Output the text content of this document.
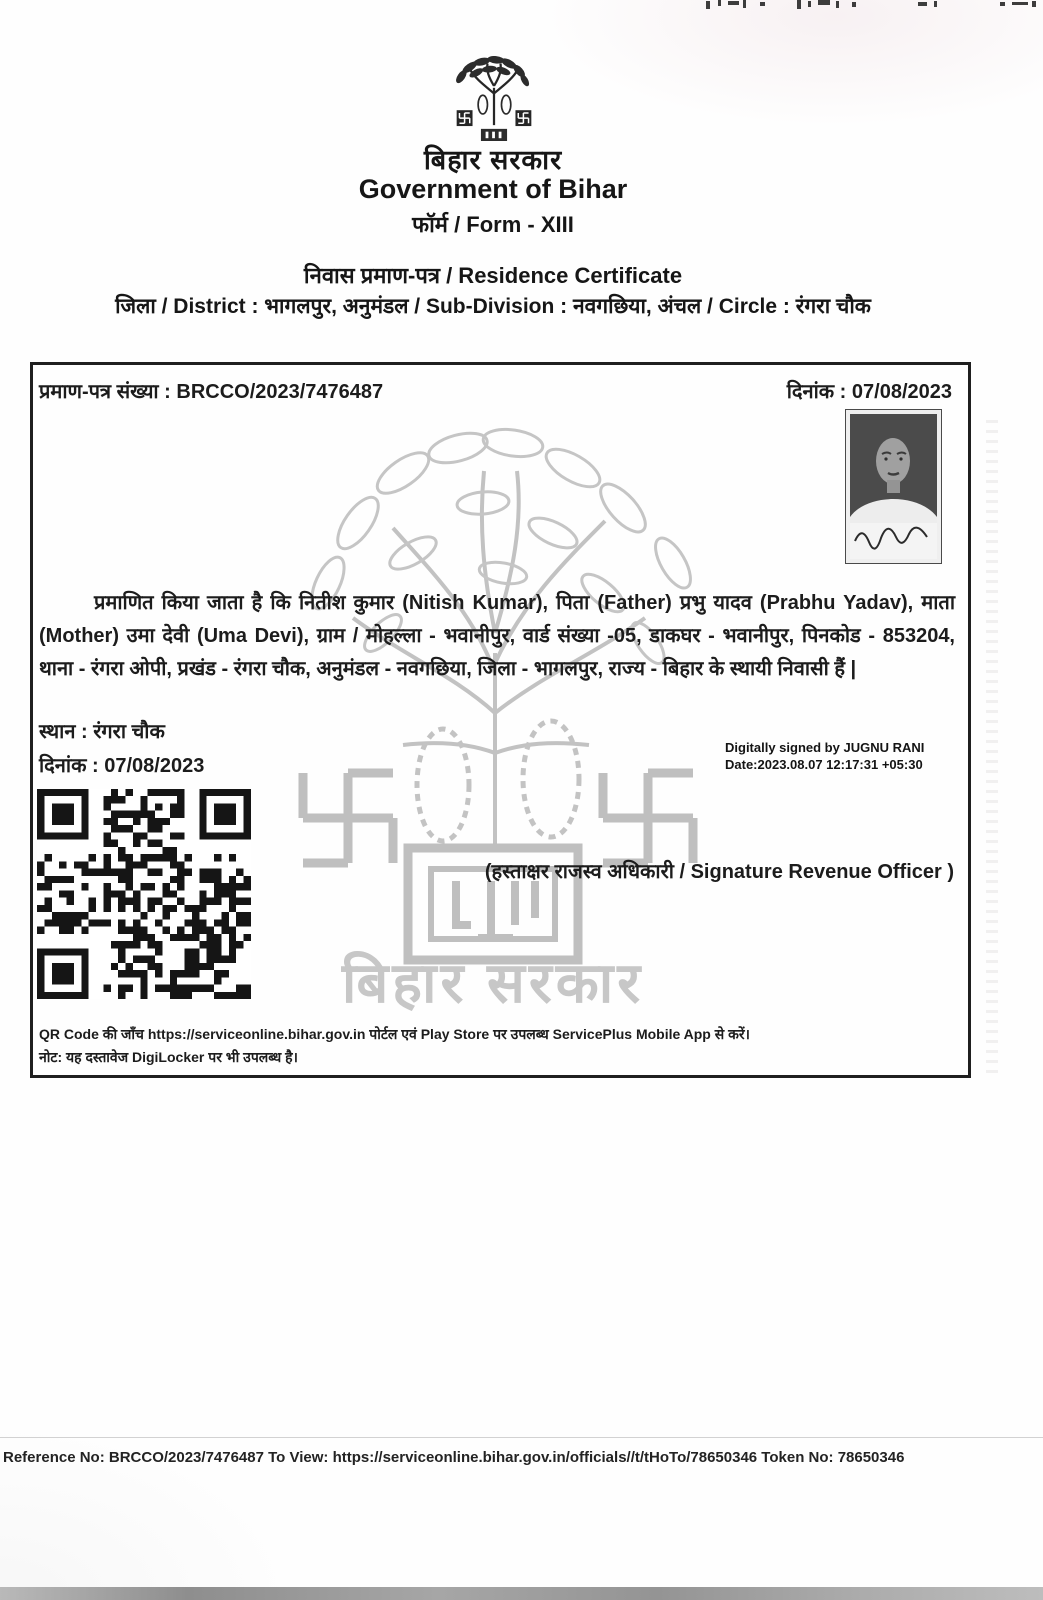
बिहार सरकार
Government of Bihar
फॉर्म / Form - XIII
निवास प्रमाण-पत्र / Residence Certificate
जिला / District : भागलपुर, अनुमंडल / Sub-Division : नवगछिया, अंचल / Circle : रंगरा चौक
बिहार सरकार
प्रमाण-पत्र संख्या : BRCCO/2023/7476487	दिनांक : 07/08/2023
प्रमाणित किया जाता है कि नितीश कुमार (Nitish Kumar), पिता (Father) प्रभु यादव (Prabhu Yadav), माता (Mother) उमा देवी (Uma Devi), ग्राम / मोहल्ला - भवानीपुर, वार्ड संख्या -05, डाकघर - भवानीपुर, पिनकोड - 853204, थाना - रंगरा ओपी, प्रखंड - रंगरा चौक, अनुमंडल - नवगछिया, जिला - भागलपुर, राज्य - बिहार के स्थायी निवासी हैं |
स्थान : रंगरा चौक
दिनांक : 07/08/2023
Digitally signed by JUGNU RANI
Date:2023.08.07 12:17:31 +05:30
(हस्ताक्षर राजस्व अधिकारी / Signature Revenue Officer )
QR Code की जाँच https://serviceonline.bihar.gov.in पोर्टल एवं Play Store पर उपलब्ध ServicePlus Mobile App से करें।
नोट: यह दस्तावेज DigiLocker पर भी उपलब्ध है।
Reference No: BRCCO/2023/7476487 To View: https://serviceonline.bihar.gov.in/officials//t/tHoTo/78650346 Token No: 78650346
